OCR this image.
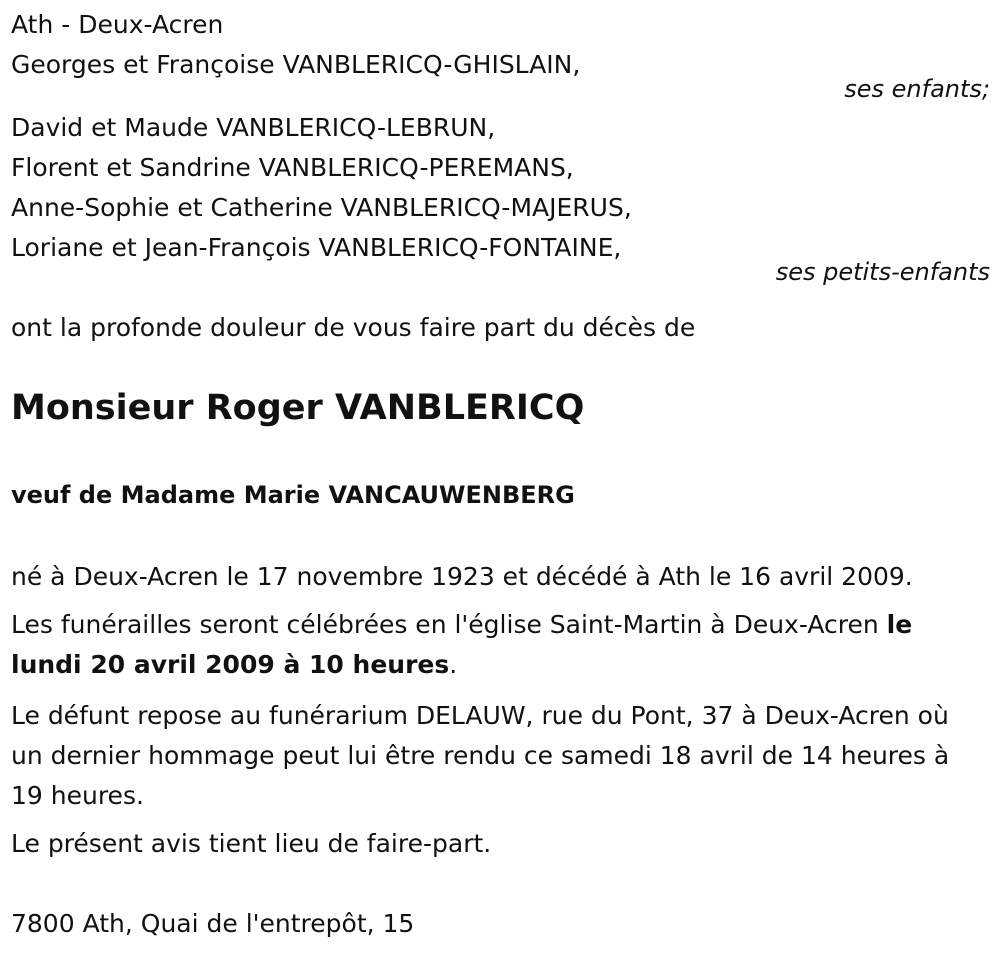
Ath - Deux-Acren
Georges et Françoise VANBLERICQ-GHISLAIN,
ses enfants;
David et Maude VANBLERICQ-LEBRUN,
Florent et Sandrine VANBLERICQ-PEREMANS,
Anne-Sophie et Catherine VANBLERICQ-MAJERUS,
Loriane et Jean-François VANBLERICQ-FONTAINE,
ses petits-enfants
ont la profonde douleur de vous faire part du décès de
Monsieur Roger VANBLERICQ
veuf de Madame Marie VANCAUWENBERG
né à Deux-Acren le 17 novembre 1923 et décédé à Ath le 16 avril 2009.
Les funérailles seront célébrées en l'église Saint-Martin à Deux-Acren le lundi 20 avril 2009 à 10 heures.
Le défunt repose au funérarium DELAUW, rue du Pont, 37 à Deux-Acren où un dernier hommage peut lui être rendu ce samedi 18 avril de 14 heures à 19 heures.
Le présent avis tient lieu de faire-part.
7800 Ath, Quai de l'entrepôt, 15
